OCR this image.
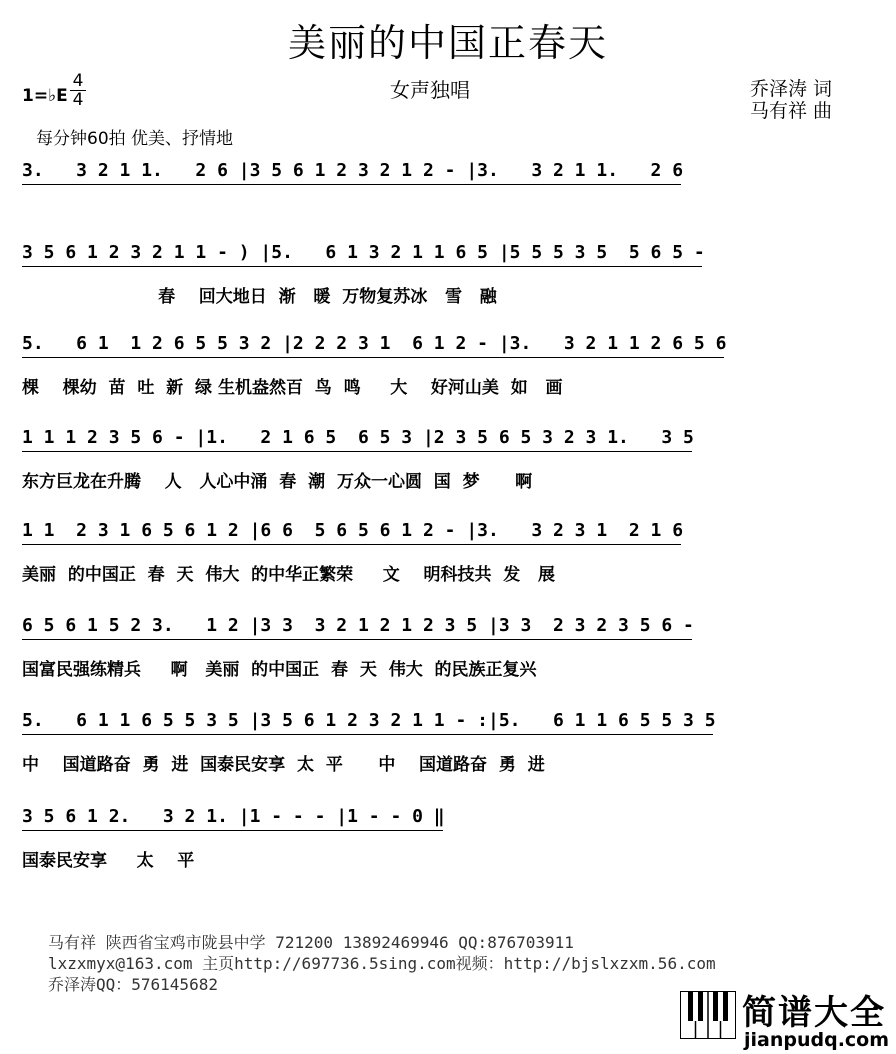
美丽的中国正春天
女声独唱	乔泽涛 词
马有祥 曲
1=♭E
4
4
每分钟60拍 优美、抒情地
3.   3 2 1 1.   2 6 |3 5 6 1 2 3 2 1 2 - |3.   3 2 1 1.   2 6
3 5 6 1 2 3 2 1 1 - ) |5.   6 1 3 2 1 1 6 5 |5 5 5 3 5  5 6 5 -
春    回大地日  渐   暖  万物复苏冰   雪   融
5.   6 1  1 2 6 5 5 3 2 |2 2 2 3 1  6 1 2 - |3.   3 2 1 1 2 6 5 6
棵    棵幼  苗  吐  新  绿 生机盎然百  鸟  鸣     大    好河山美  如   画
1 1 1 2 3 5 6 - |1.   2 1 6 5  6 5 3 |2 3 5 6 5 3 2 3 1.   3 5
东方巨龙在升腾    人   人心中涌  春  潮  万众一心圆  国  梦      啊
1 1  2 3 1 6 5 6 1 2 |6 6  5 6 5 6 1 2 - |3.   3 2 3 1  2 1 6
美丽  的中国正  春  天  伟大  的中华正繁荣     文    明科技共  发   展
6 5 6 1 5 2 3.   1 2 |3 3  3 2 1 2 1 2 3 5 |3 3  2 3 2 3 5 6 -
国富民强练精兵     啊   美丽  的中国正  春  天  伟大  的民族正复兴
5.   6 1 1 6 5 5 3 5 |3 5 6 1 2 3 2 1 1 - :|5.   6 1 1 6 5 5 3 5
中    国道路奋  勇  进  国泰民安享  太  平      中    国道路奋  勇  进
3 5 6 1 2.   3 2 1. |1 - - - |1 - - 0 ‖
国泰民安享     太    平
马有祥 陕西省宝鸡市陇县中学 721200 13892469946 QQ:876703911
lxzxmyx@163.com 主页http://697736.5sing.com视频：http://bjslxzxm.56.com
乔泽涛QQ：576145682
简谱大全
jianpudq.com
